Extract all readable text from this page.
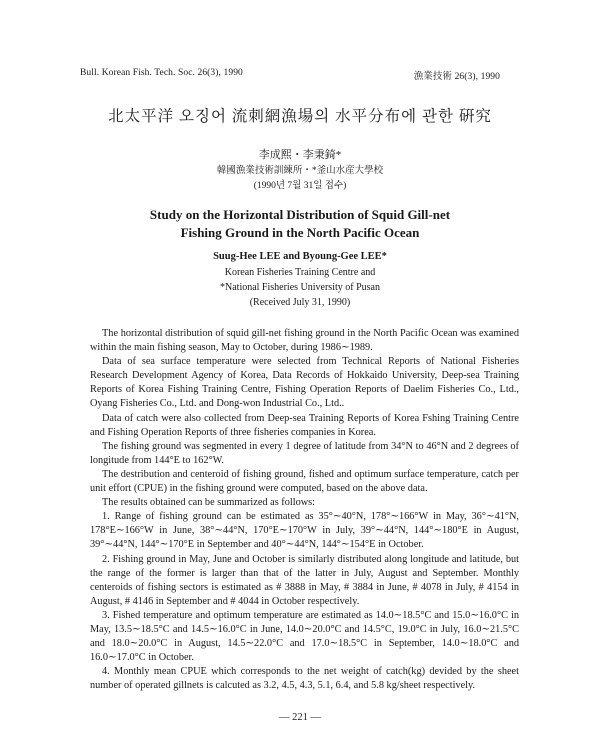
Bull. Korean Fish. Tech. Soc. 26(3), 1990	漁業技術 26(3), 1990
北太平洋 오징어 流刺網漁場의 水平分布에 관한 硏究
李成熙・李秉錡*
韓國漁業技術訓練所・*釜山水産大學校
(1990년 7월 31일 접수)
Study on the Horizontal Distribution of Squid Gill-net
Fishing Ground in the North Pacific Ocean
Suug-Hee LEE and Byoung-Gee LEE*
Korean Fisheries Training Centre and
*National Fisheries University of Pusan
(Received July 31, 1990)

The horizontal distribution of squid gill-net fishing ground in the North Pacific Ocean was examined within the main fishing season, May to October, during 1986∼1989.

Data of sea surface temperature were selected from Technical Reports of National Fisheries Research Development Agency of Korea, Data Records of Hokkaido University, Deep-sea Training Reports of Korea Fishing Training Centre, Fishing Operation Reports of Daelim Fisheries Co., Ltd., Oyang Fisheries Co., Ltd. and Dong-won Industrial Co., Ltd..

Data of catch were also collected from Deep-sea Training Reports of Korea Fshing Training Centre and Fishing Operation Reports of three fisheries companies in Korea.

The fishing ground was segmented in every 1 degree of latitude from 34°N to 46°N and 2 degrees of longitude from 144°E to 162°W.

The destribution and centeroid of fishing ground, fished and optimum surface temperature, catch per unit effort (CPUE) in the fishing ground were computed, based on the above data.

The results obtained can be summarized as follows:

1. Range of fishing ground can be estimated as 35°∼40°N, 178°∼166°W in May, 36°∼41°N, 178°E∼166°W in June, 38°∼44°N, 170°E∼170°W in July, 39°∼44°N, 144°∼180°E in August, 39°∼44°N, 144°∼170°E in September and 40°∼44°N, 144°∼154°E in October.

2. Fishing ground in May, June and October is similarly distributed along longitude and latitude, but the range of the former is larger than that of the latter in July, August and September. Monthly centeroids of fishing sectors is estimated as # 3888 in May, # 3884 in June, # 4078 in July, # 4154 in August, # 4146 in September and # 4044 in October respectively.

3. Fished temperature and optimum temperature are estimated as 14.0∼18.5°C and 15.0∼16.0°C in May, 13.5∼18.5°C and 14.5∼16.0°C in June, 14.0∼20.0°C and 14.5°C, 19.0°C in July, 16.0∼21.5°C and 18.0∼20.0°C in August, 14.5∼22.0°C and 17.0∼18.5°C in September, 14.0∼18.0°C and 16.0∼17.0°C in October.

4. Monthly mean CPUE which corresponds to the net weight of catch(kg) devided by the sheet number of operated gillnets is calcuted as 3.2, 4.5, 4.3, 5.1, 6.4, and 5.8 kg/sheet respectively.

— 221 —
